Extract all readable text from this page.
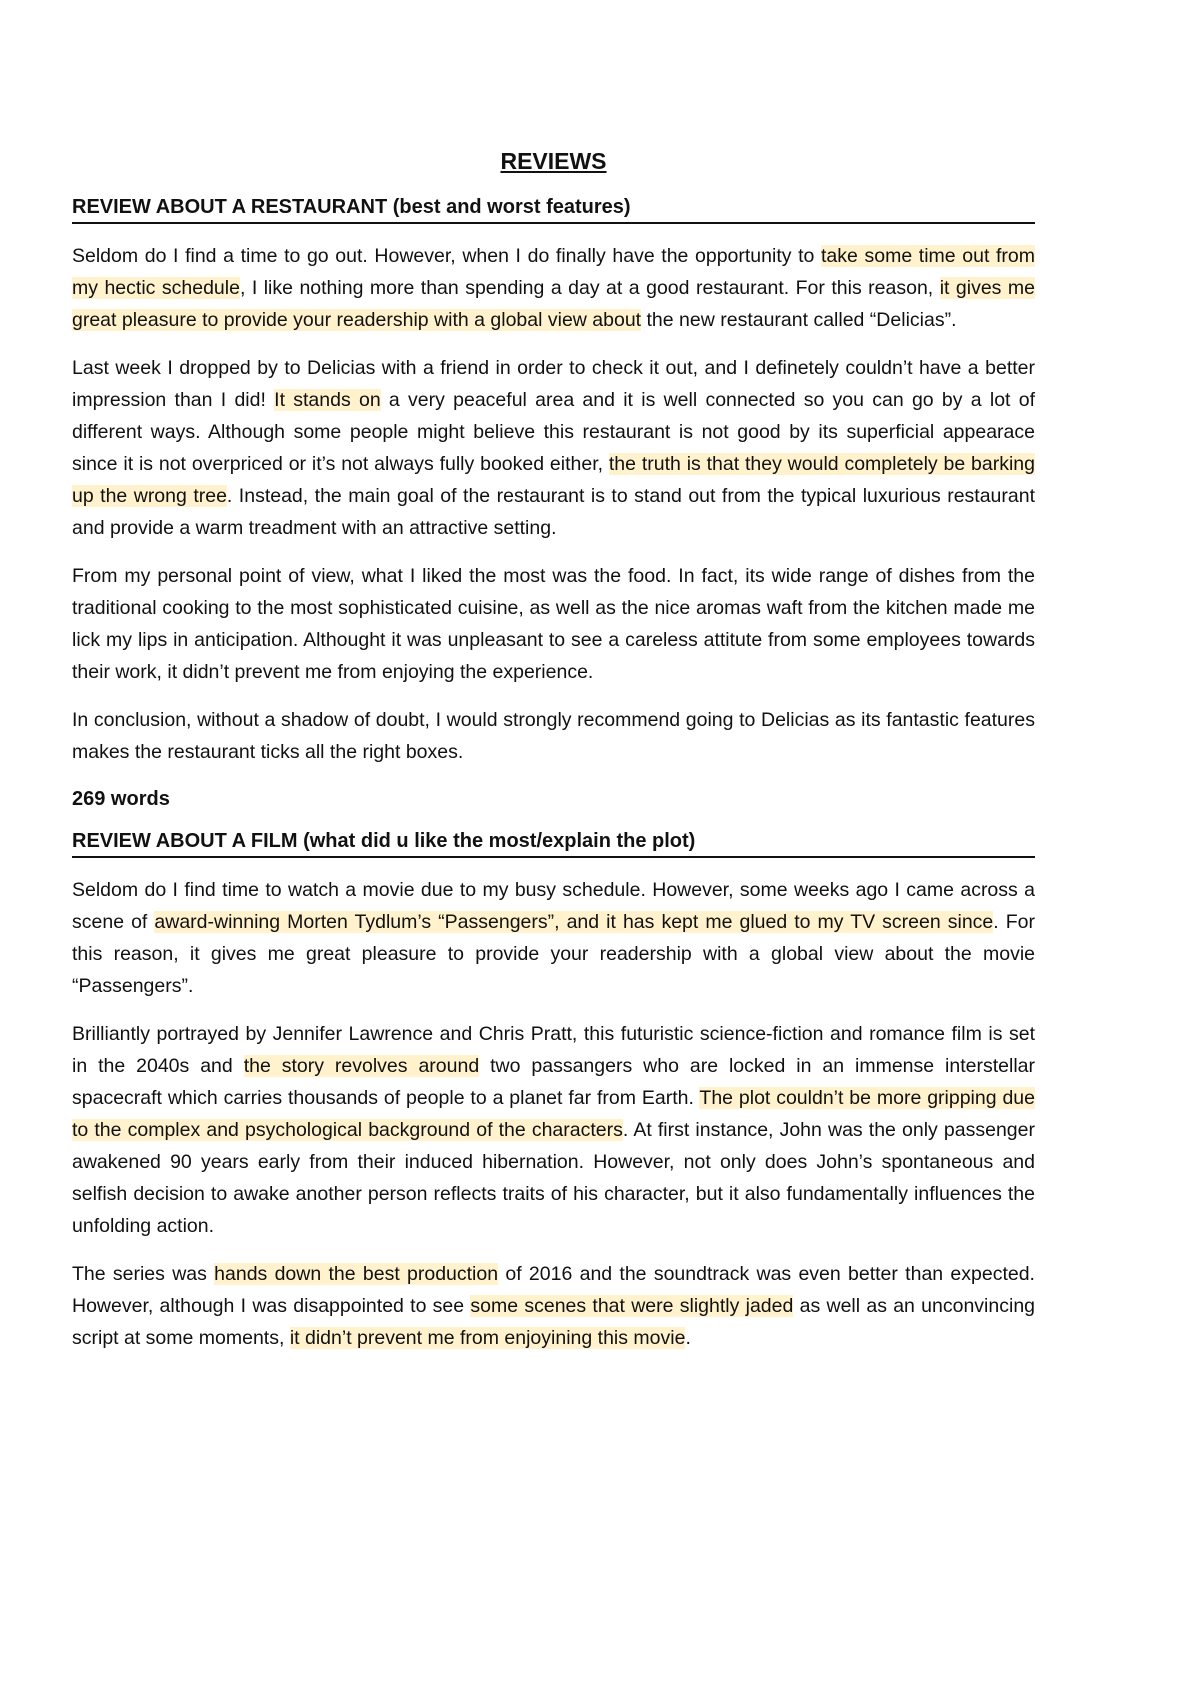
REVIEWS
REVIEW ABOUT A RESTAURANT (best and worst features)

Seldom do I find a time to go out. However, when I do finally have the opportunity to take some time out from my hectic schedule, I like nothing more than spending a day at a good restaurant. For this reason, it gives me great pleasure to provide your readership with a global view about the new restaurant called “Delicias”.

Last week I dropped by to Delicias with a friend in order to check it out, and I definetely couldn’t have a better impression than I did! It stands on a very peaceful area and it is well connected so you can go by a lot of different ways. Although some people might believe this restaurant is not good by its superficial appearace since it is not overpriced or it’s not always fully booked either, the truth is that they would completely be barking up the wrong tree. Instead, the main goal of the restaurant is to stand out from the typical luxurious restaurant and provide a warm treadment with an attractive setting.

From my personal point of view, what I liked the most was the food. In fact, its wide range of dishes from the traditional cooking to the most sophisticated cuisine, as well as the nice aromas waft from the kitchen made me lick my lips in anticipation. Althought it was unpleasant to see a careless attitute from some employees towards their work, it didn’t prevent me from enjoying the experience.

In conclusion, without a shadow of doubt, I would strongly recommend going to Delicias as its fantastic features makes the restaurant ticks all the right boxes.

269 words
REVIEW ABOUT A FILM (what did u like the most/explain the plot)

Seldom do I find time to watch a movie due to my busy schedule. However, some weeks ago I came across a scene of award-winning Morten Tydlum’s “Passengers”, and it has kept me glued to my TV screen since. For this reason, it gives me great pleasure to provide your readership with a global view about the movie “Passengers”.

Brilliantly portrayed by Jennifer Lawrence and Chris Pratt, this futuristic science-fiction and romance film is set in the 2040s and the story revolves around two passangers who are locked in an immense interstellar spacecraft which carries thousands of people to a planet far from Earth. The plot couldn’t be more gripping due to the complex and psychological background of the characters. At first instance, John was the only passenger awakened 90 years early from their induced hibernation. However, not only does John’s spontaneous and selfish decision to awake another person reflects traits of his character, but it also fundamentally influences the unfolding action.

The series was hands down the best production of 2016 and the soundtrack was even better than expected. However, although I was disappointed to see some scenes that were slightly jaded as well as an unconvincing script at some moments, it didn’t prevent me from enjoyining this movie.
